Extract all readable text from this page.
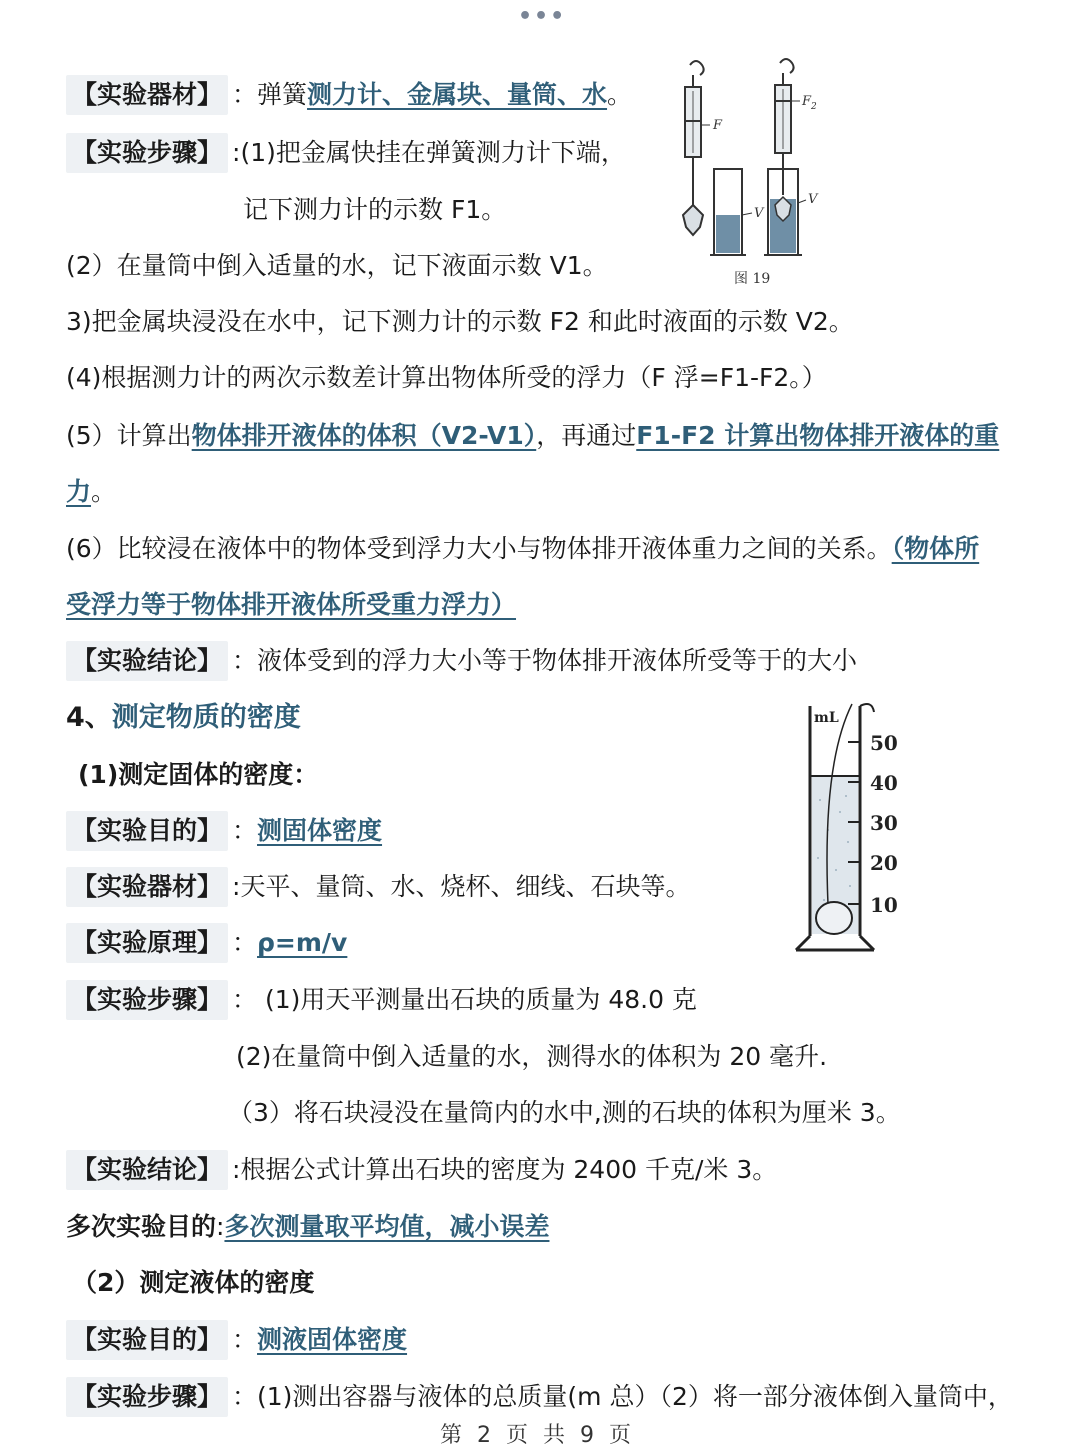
•••
【实验器材】 ：弹簧测力计、金属块、量筒、水。
【实验步骤】 :(1)把金属快挂在弹簧测力计下端，
记下测力计的示数 F1。
(2）在量筒中倒入适量的水，记下液面示数 V1。
3)把金属块浸没在水中，记下测力计的示数 F2 和此时液面的示数 V2。
(4)根据测力计的两次示数差计算出物体所受的浮力（F 浮=F1-F2。）
(5）计算出物体排开液体的体积（V2-V1），再通过F1-F2 计算出物体排开液体的重
力。
(6）比较浸在液体中的物体受到浮力大小与物体排开液体重力之间的关系。（物体所
受浮力等于物体排开液体所受重力浮力）
【实验结论】 ：液体受到的浮力大小等于物体排开液体所受等于的大小
F
V
$F_2$
V
图 19
4、测定物质的密度
(1)测定固体的密度：
【实验目的】 ：测固体密度
【实验器材】 :天平、量筒、水、烧杯、细线、石块等。
【实验原理】 ：ρ=m/v
【实验步骤】 ： (1)用天平测量出石块的质量为 48.0 克
(2)在量筒中倒入适量的水，测得水的体积为 20 毫升.
（3）将石块浸没在量筒内的水中,测的石块的体积为厘米 3。
【实验结论】 :根据公式计算出石块的密度为 2400 千克/米 3。
多次实验目的:多次测量取平均值，减小误差
（2）测定液体的密度
【实验目的】 ：测液固体密度
【实验步骤】 ：(1)测出容器与液体的总质量(m 总）（2）将一部分液体倒入量筒中，
mL
50
40
30
20
10
第 2 页 共 9 页
